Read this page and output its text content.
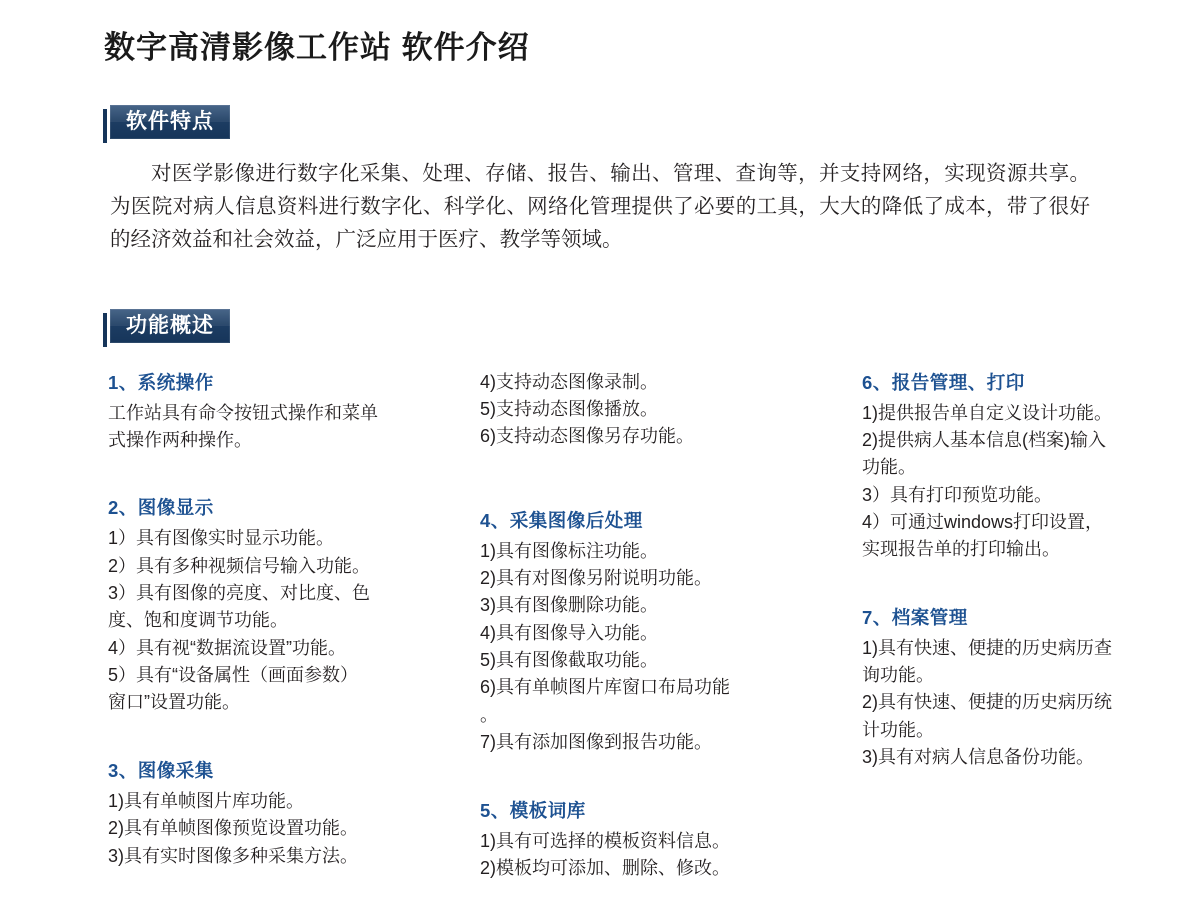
数字高清影像工作站 软件介绍
软件特点

对医学影像进行数字化采集、处理、存储、报告、输出、管理、查询等，并支持网络，实现资源共享。为医院对病人信息资料进行数字化、科学化、网络化管理提供了必要的工具，大大的降低了成本，带了很好的经济效益和社会效益，广泛应用于医疗、教学等领域。

功能概述
1、系统操作
工作站具有命令按钮式操作和菜单
式操作两种操作。
2、图像显示
1）具有图像实时显示功能。
2）具有多种视频信号输入功能。
3）具有图像的亮度、对比度、色
度、饱和度调节功能。
4）具有视“数据流设置”功能。
5）具有“设备属性（画面参数）
窗口”设置功能。
3、图像采集
1)具有单帧图片库功能。
2)具有单帧图像预览设置功能。
3)具有实时图像多种采集方法。
4)支持动态图像录制。
5)支持动态图像播放。
6)支持动态图像另存功能。
4、采集图像后处理
1)具有图像标注功能。
2)具有对图像另附说明功能。
3)具有图像删除功能。
4)具有图像导入功能。
5)具有图像截取功能。
6)具有单帧图片库窗口布局功能
。
7)具有添加图像到报告功能。
5、模板词库
1)具有可选择的模板资料信息。
2)模板均可添加、删除、修改。
6、报告管理、打印
1)提供报告单自定义设计功能。
2)提供病人基本信息(档案)输入
功能。
3）具有打印预览功能。
4）可通过windows打印设置，
实现报告单的打印输出。
7、档案管理
1)具有快速、便捷的历史病历查
询功能。
2)具有快速、便捷的历史病历统
计功能。
3)具有对病人信息备份功能。
